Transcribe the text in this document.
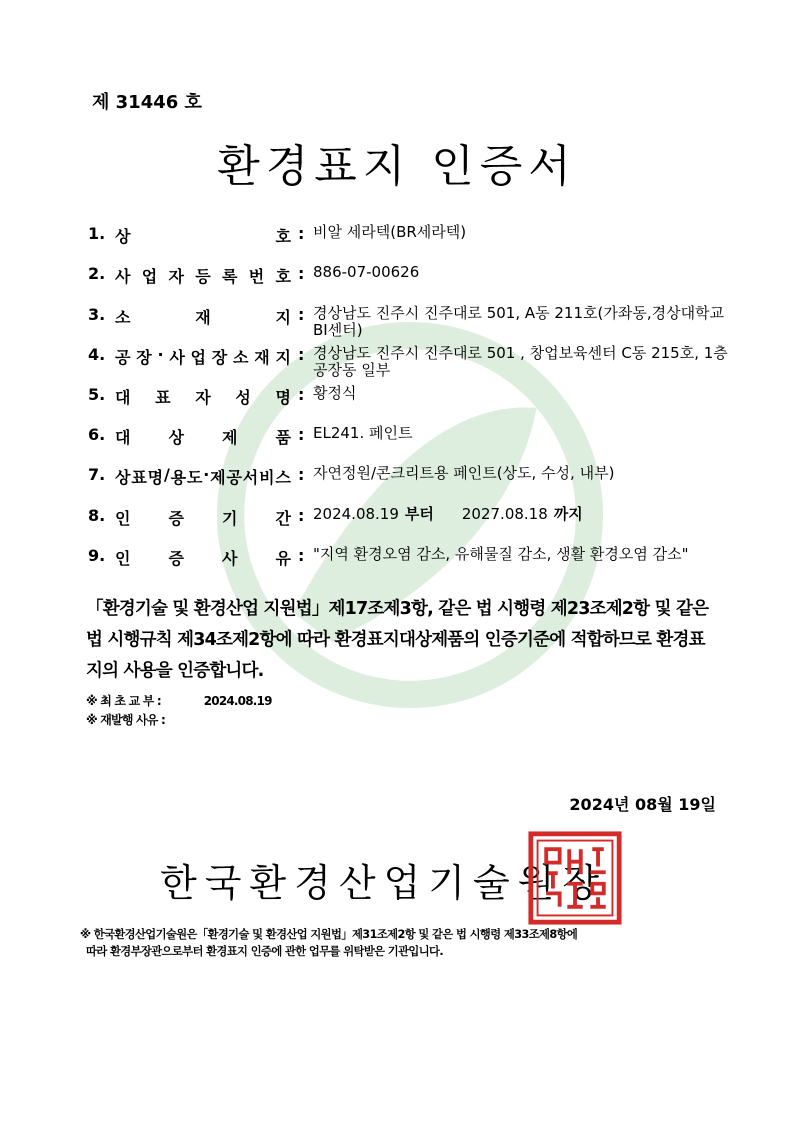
제 31446 호
환경표지 인증서
1. 상	호 : 비알 세라텍(BR세라텍)
2. 사 업 자 등 록 번 호 : 886-07-00626
3. 소	재	지 : 경상남도 진주시 진주대로 501, A동 211호(가좌동,경상대학교 BI센터)
4. 공 장 · 사 업 장 소 재 지 : 경상남도 진주시 진주대로 501 , 창업보육센터 C동 215호, 1층 공장동 일부
5. 대 표 자 성 명 : 황정식
6. 대 상 제 품 : EL241. 페인트
7. 상 표 명 / 용 도 · 제 공 서 비 스 : 자연정원/콘크리트용 페인트(상도, 수성, 내부)
8. 인 증 기 간 : 2024.08.19 부터 2027.08.18 까지
9. 인 증 사 유 : "지역 환경오염 감소, 유해물질 감소, 생활 환경오염 감소"
「환경기술 및 환경산업 지원법」제17조제3항, 같은 법 시행령 제23조제2항 및 같은 법 시행규칙 제34조제2항에 따라 환경표지대상제품의 인증기준에 적합하므로 환경표지의 사용을 인증합니다.
※ 최 초 교 부 :	2024.08.19
※ 재발행 사유 :
2024년 08월 19일
한국환경산업기술원장
※ 한국환경산업기술원은「환경기술 및 환경산업 지원법」제31조제2항 및 같은 법 시행령 제33조제8항에
따라 환경부장관으로부터 환경표지 인증에 관한 업무를 위탁받은 기관입니다.
